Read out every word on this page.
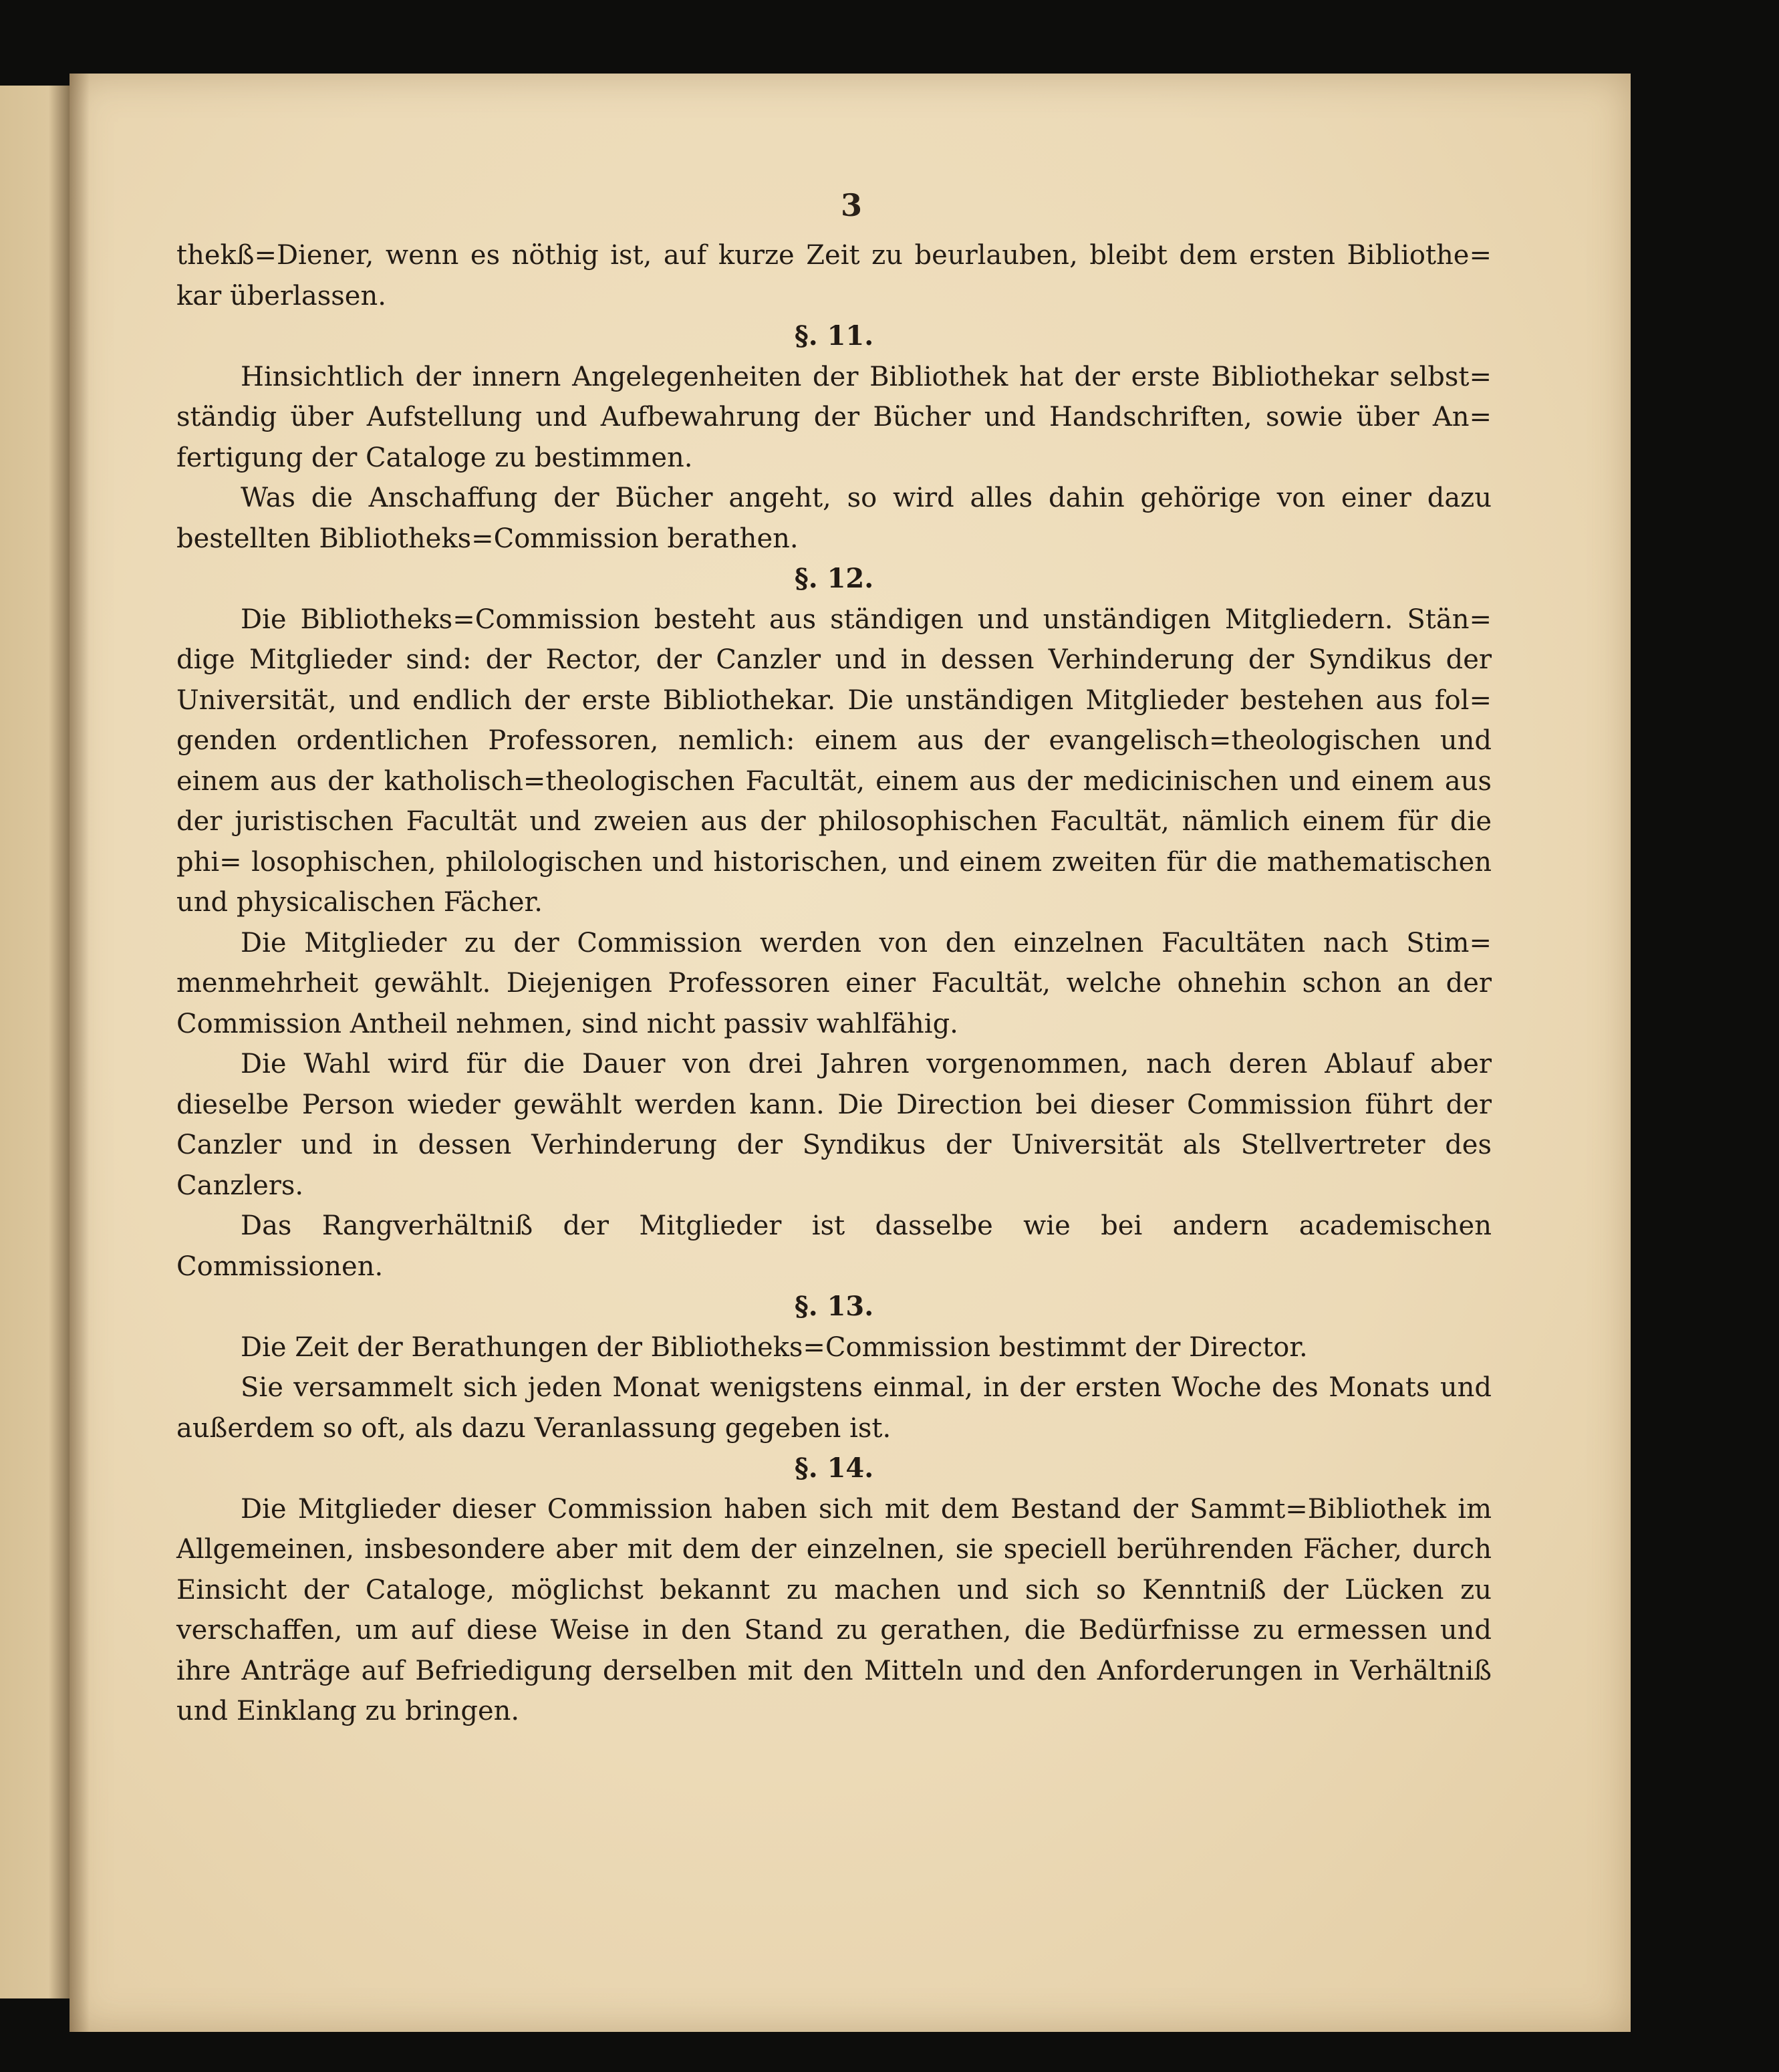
3

thekß=Diener, wenn es nöthig ist, auf kurze Zeit zu beurlauben, bleibt dem ersten Bibliothe= kar überlassen.

§. 11.

Hinsichtlich der innern Angelegenheiten der Bibliothek hat der erste Bibliothekar selbst= ständig über Aufstellung und Aufbewahrung der Bücher und Handschriften, sowie über An= fertigung der Cataloge zu bestimmen.

Was die Anschaffung der Bücher angeht, so wird alles dahin gehörige von einer dazu bestellten Bibliotheks=Commission berathen.

§. 12.

Die Bibliotheks=Commission besteht aus ständigen und unständigen Mitgliedern. Stän= dige Mitglieder sind: der Rector, der Canzler und in dessen Verhinderung der Syndikus der Universität, und endlich der erste Bibliothekar. Die unständigen Mitglieder bestehen aus fol= genden ordentlichen Professoren, nemlich: einem aus der evangelisch=theologischen und einem aus der katholisch=theologischen Facultät, einem aus der medicinischen und einem aus der juristischen Facultät und zweien aus der philosophischen Facultät, nämlich einem für die phi= losophischen, philologischen und historischen, und einem zweiten für die mathematischen und physicalischen Fächer.

Die Mitglieder zu der Commission werden von den einzelnen Facultäten nach Stim= menmehrheit gewählt. Diejenigen Professoren einer Facultät, welche ohnehin schon an der Commission Antheil nehmen, sind nicht passiv wahlfähig.

Die Wahl wird für die Dauer von drei Jahren vorgenommen, nach deren Ablauf aber dieselbe Person wieder gewählt werden kann. Die Direction bei dieser Commission führt der Canzler und in dessen Verhinderung der Syndikus der Universität als Stellvertreter des Canzlers.

Das Rangverhältniß der Mitglieder ist dasselbe wie bei andern academischen Commissionen.

§. 13.

Die Zeit der Berathungen der Bibliotheks=Commission bestimmt der Director.

Sie versammelt sich jeden Monat wenigstens einmal, in der ersten Woche des Monats und außerdem so oft, als dazu Veranlassung gegeben ist.

§. 14.

Die Mitglieder dieser Commission haben sich mit dem Bestand der Sammt=Bibliothek im Allgemeinen, insbesondere aber mit dem der einzelnen, sie speciell berührenden Fächer, durch Einsicht der Cataloge, möglichst bekannt zu machen und sich so Kenntniß der Lücken zu verschaffen, um auf diese Weise in den Stand zu gerathen, die Bedürfnisse zu ermessen und ihre Anträge auf Befriedigung derselben mit den Mitteln und den Anforderungen in Verhältniß und Einklang zu bringen.
